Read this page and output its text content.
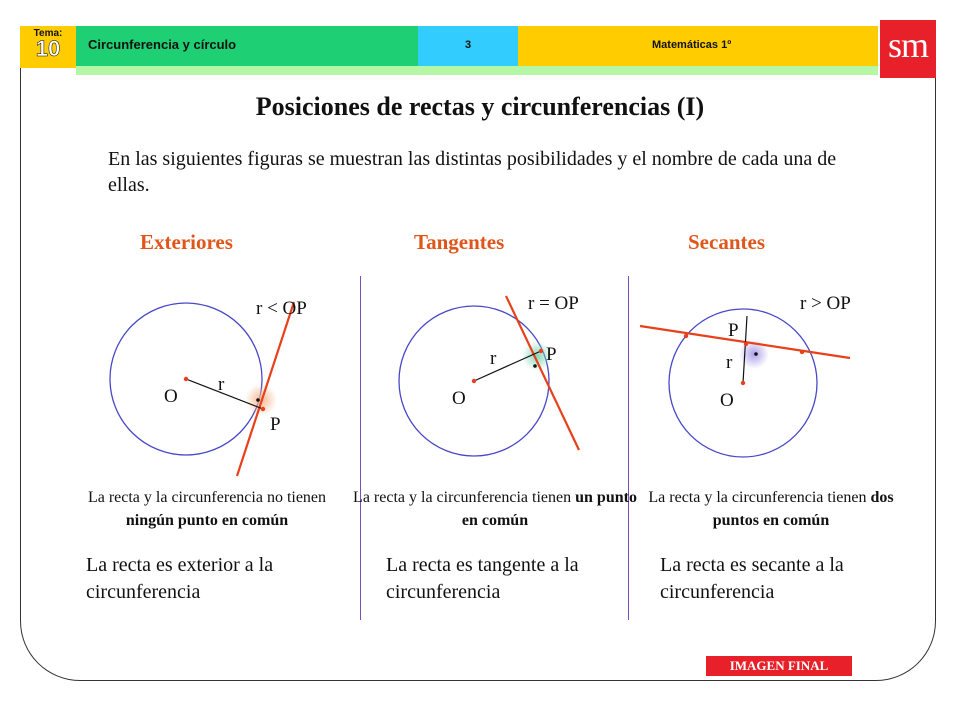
Tema:
10	Circunferencia y círculo	3	Matemáticas 1º	sm
Posiciones de rectas y circunferencias (I)
En las siguientes figuras se muestran las distintas posibilidades y el nombre de cada una de ellas.
Exteriores	Tangentes	Secantes
r < OP
O
r
P
r = OP
O
r	P
r > OP
O
r
P
La recta y la circunferencia no tienen ningún punto en común
La recta y la circunferencia tienen un punto en común
La recta y la circunferencia tienen dos puntos en común
La recta es exterior a la circunferencia
La recta es tangente a la circunferencia
La recta es secante a la circunferencia
IMAGEN FINAL
